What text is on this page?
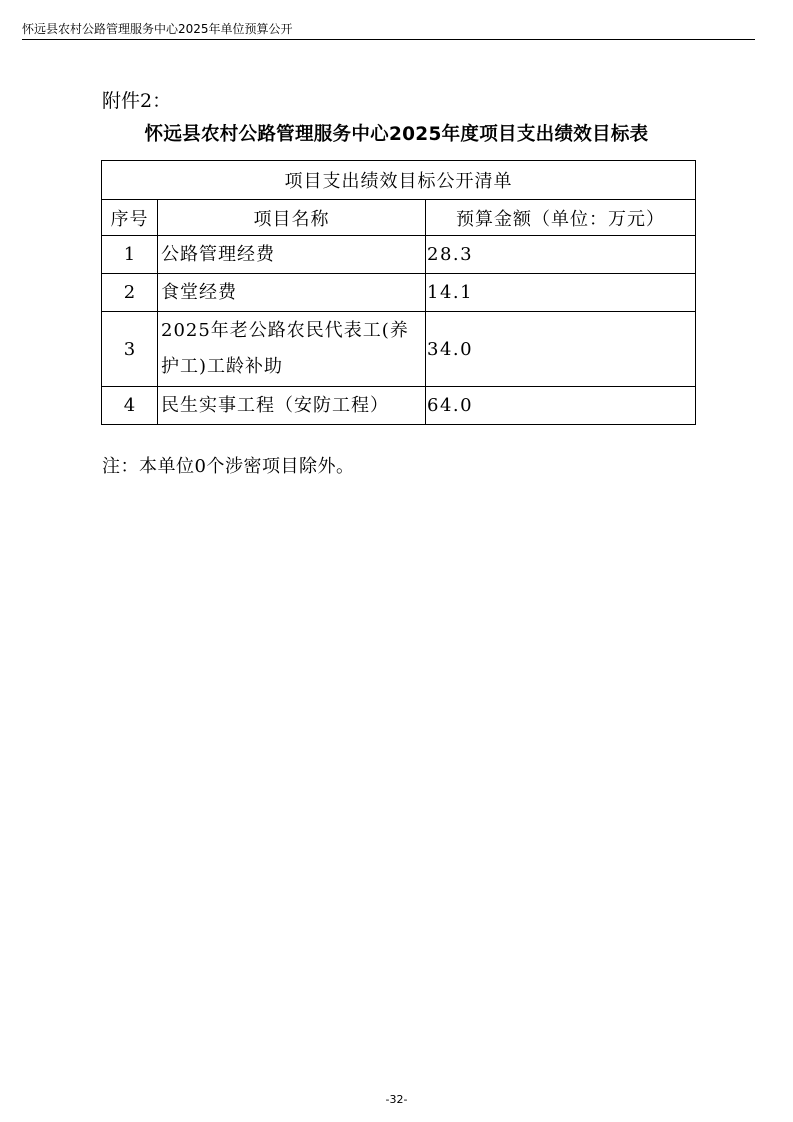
怀远县农村公路管理服务中心2025年单位预算公开
附件2：
怀远县农村公路管理服务中心2025年度项目支出绩效目标表
项目支出绩效目标公开清单		
序号	项目名称	预算金额（单位：万元）
1	公路管理经费	28.3
2	食堂经费	14.1
3	2025年老公路农民代表工(养护工)工龄补助	34.0
4	民生实事工程（安防工程）	64.0
注：本单位0个涉密项目除外。
-32-
